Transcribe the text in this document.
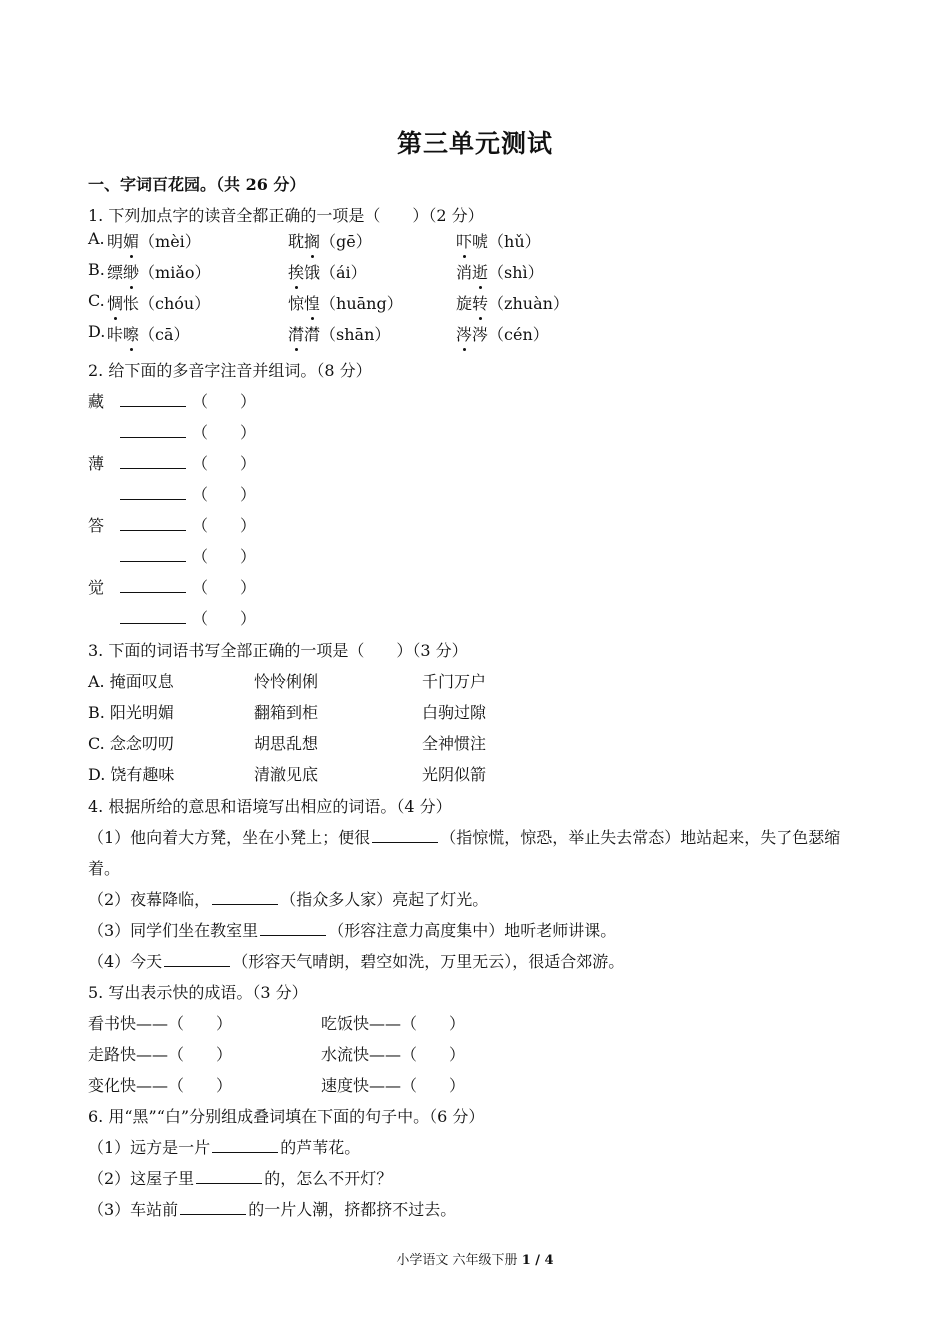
第三单元测试
一、字词百花园。（共 26 分）
1. 下列加点字的读音全都正确的一项是（　　）（2 分）
A. 明媚（mèi）	耽搁（gē）	吓唬（hǔ）
B. 缥缈（miǎo）	挨饿（ái）	消逝（shì）
C. 惆怅（chóu）	惊惶（huāng）	旋转（zhuàn）
D. 咔嚓（cā）	潸潸（shān）	涔涔（cén）
2. 给下面的多音字注音并组词。（8 分）
藏	（　　）
（　　）
薄	（　　）
（　　）
答	（　　）
（　　）
觉	（　　）
（　　）
3. 下面的词语书写全部正确的一项是（　　）（3 分）
A. 掩面叹息	怜怜俐俐	千门万户
B. 阳光明媚	翻箱到柜	白驹过隙
C. 念念叨叨	胡思乱想	全神惯注
D. 饶有趣味	清澈见底	光阴似箭
4. 根据所给的意思和语境写出相应的词语。（4 分）
（1）他向着大方凳，坐在小凳上；便很	（指惊慌，惊恐，举止失去常态）地站起来，失了色瑟缩
着。
（2）夜幕降临，	（指众多人家）亮起了灯光。
（3）同学们坐在教室里	（形容注意力高度集中）地听老师讲课。
（4）今天	（形容天气晴朗，碧空如洗，万里无云），很适合郊游。
5. 写出表示快的成语。（3 分）
看书快——（　　）	吃饭快——（　　）
走路快——（　　）	水流快——（　　）
变化快——（　　）	速度快——（　　）
6. 用“黑”“白”分别组成叠词填在下面的句子中。（6 分）
（1）远方是一片	的芦苇花。
（2）这屋子里	的，怎么不开灯？
（3）车站前	的一片人潮，挤都挤不过去。
小学语文 六年级下册 1 / 4
